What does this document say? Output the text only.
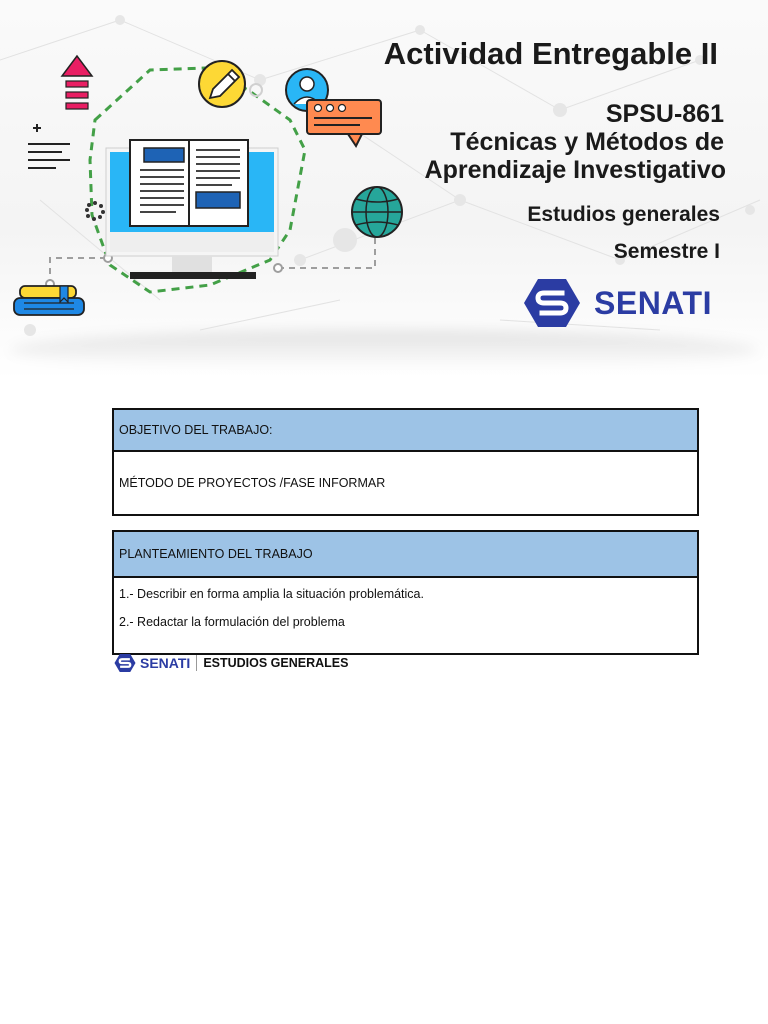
Actividad Entregable II
SPSU-861
Técnicas y Métodos de
Aprendizaje Investigativo
Estudios generales
Semestre I
SENATI
OBJETIVO DEL TRABAJO:
MÉTODO DE PROYECTOS /FASE INFORMAR
PLANTEAMIENTO DEL TRABAJO

1.- Describir en forma amplia la situación problemática.

2.- Redactar la formulación del problema

SENATI ESTUDIOS GENERALES
